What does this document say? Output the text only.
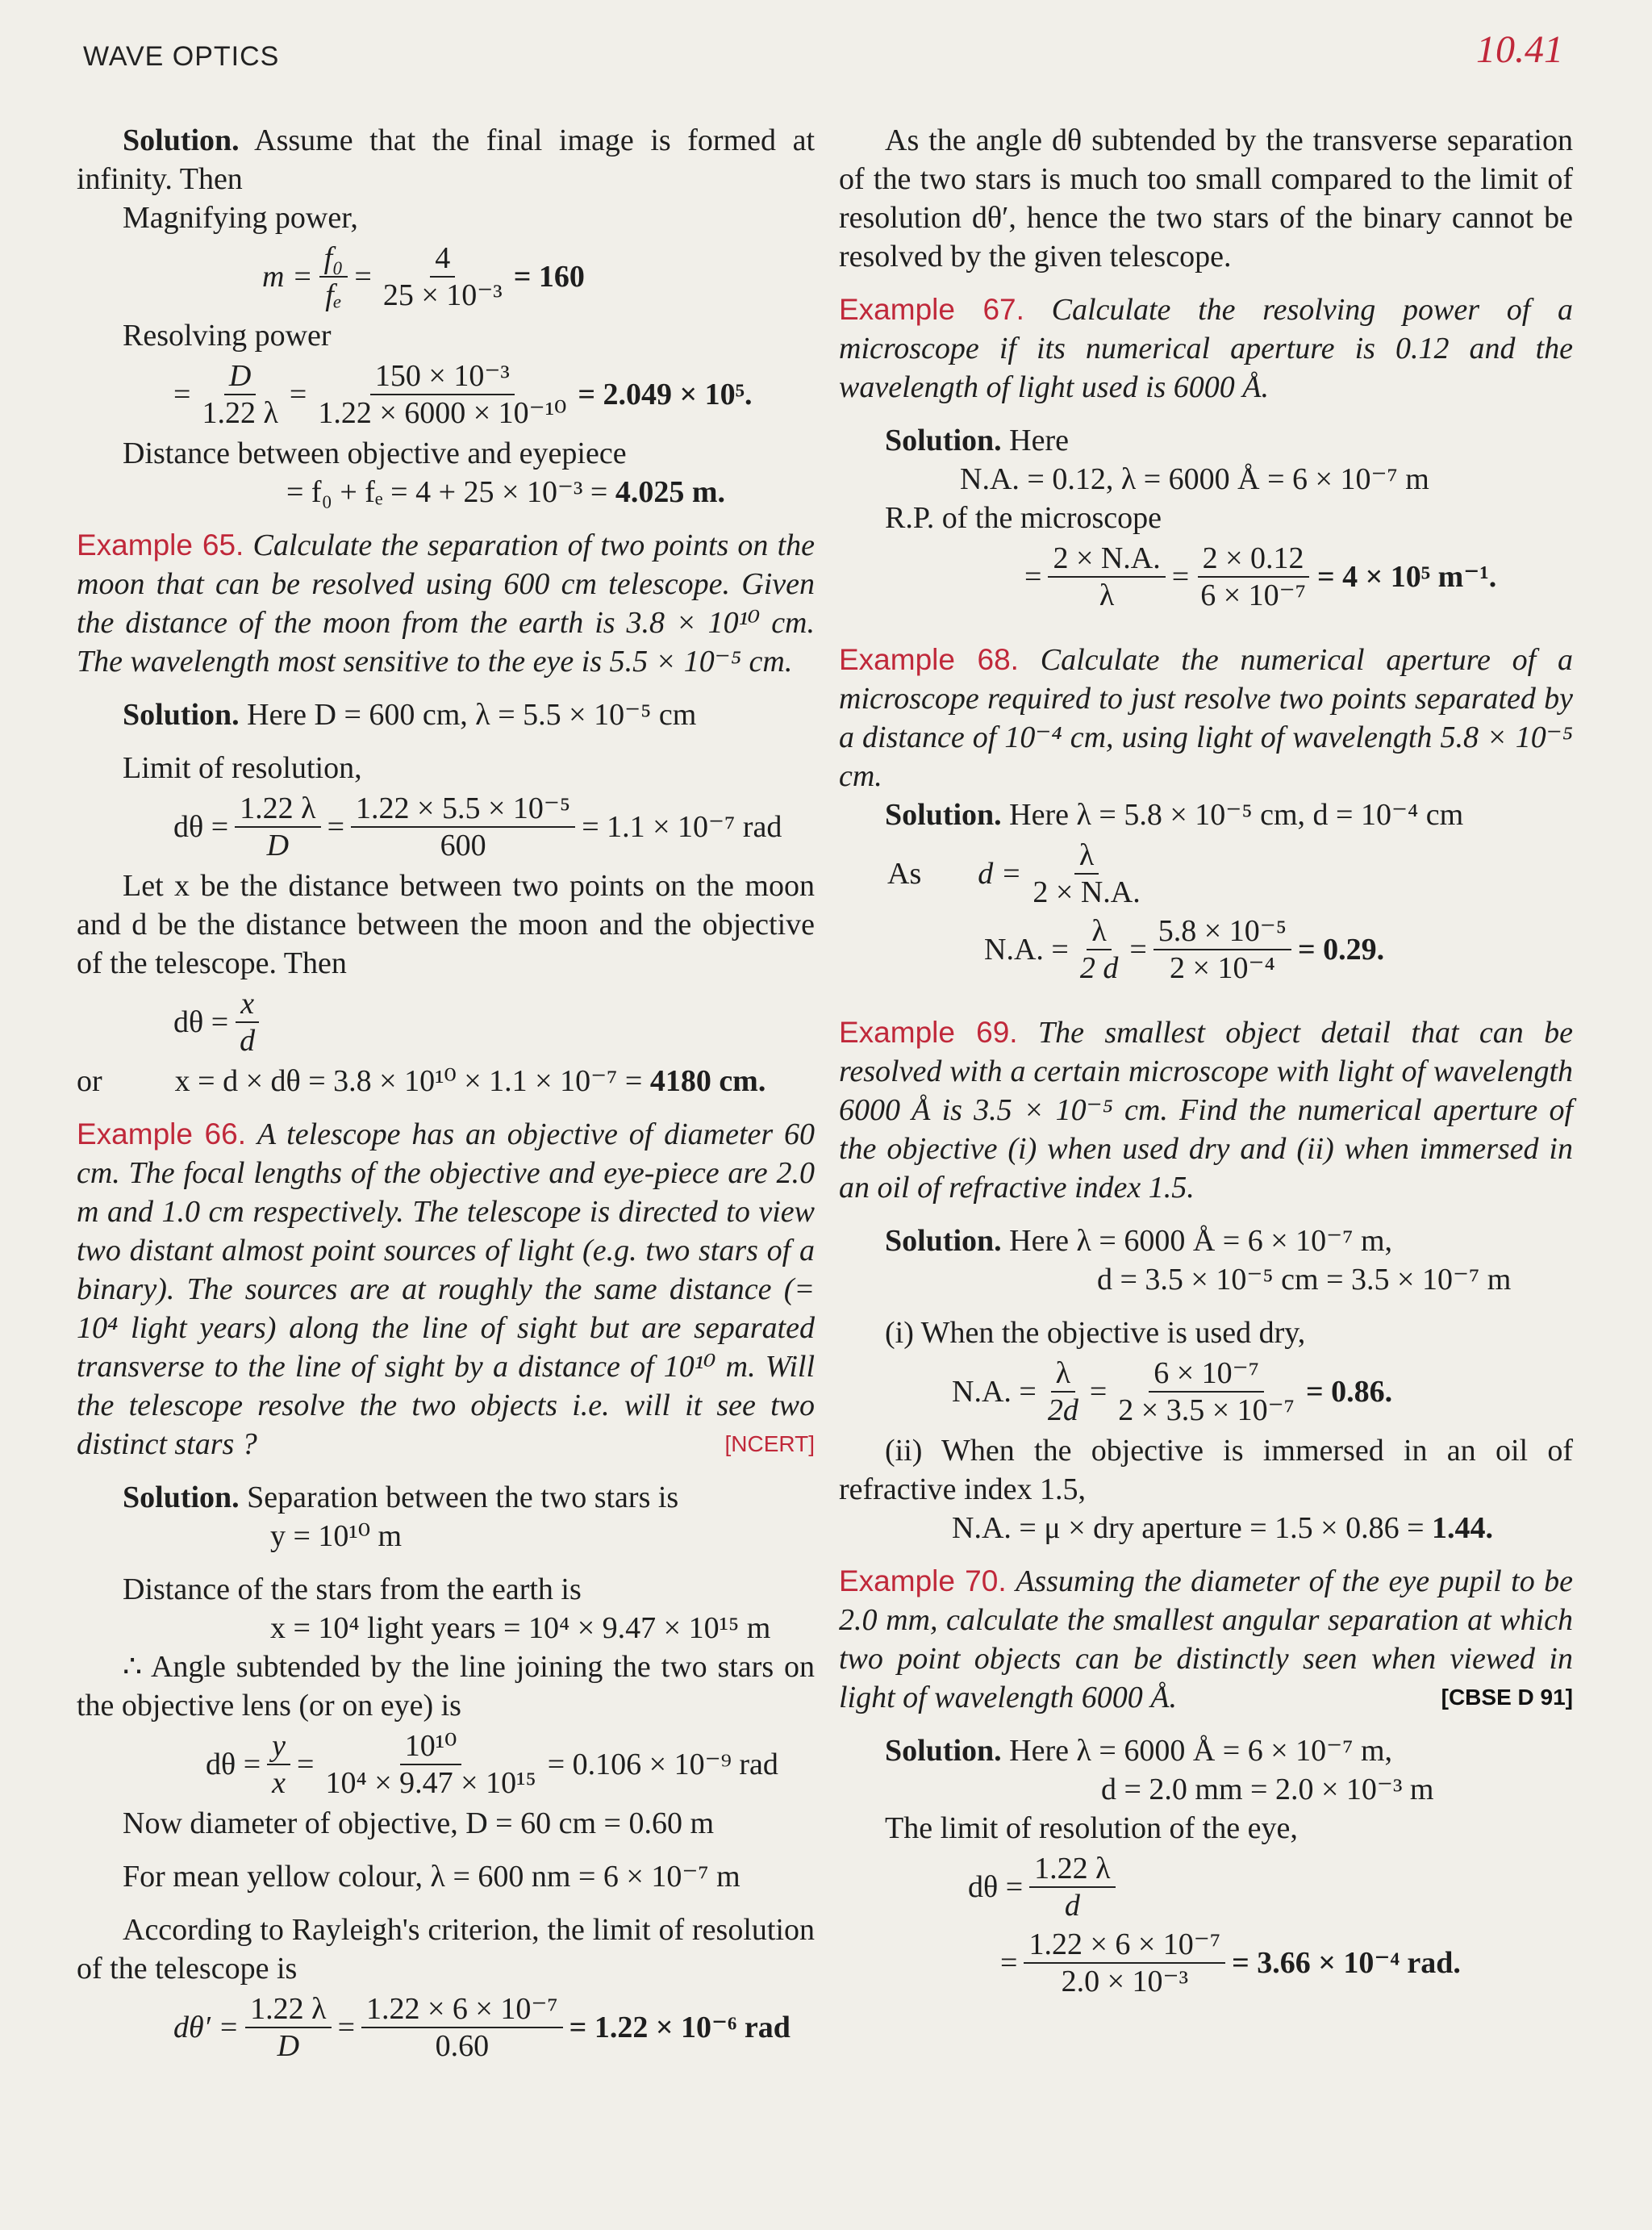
WAVE OPTICS	10.41

Solution. Assume that the final image is formed at infinity. Then

Magnifying power,

$m = \frac{\text{f₀}}{\text{fₑ}} = \frac{4}{\text{25 × 10⁻³}} = 160$

Resolving power

= $\frac{D}{1.22 \lambda} = \frac{\text{150 × 10⁻³}}{\text{1.22 × 6000 × 10⁻¹⁰}} = 2.049 \times 10^5$.

Distance between objective and eyepiece

= f₀ + fₑ = 4 + 25 × 10⁻³ = 4.025 m.

Example 65. Calculate the separation of two points on the moon that can be resolved using 600 cm telescope. Given the distance of the moon from the earth is 3.8 × 10¹⁰ cm. The wavelength most sensitive to the eye is 5.5 × 10⁻⁵ cm.

Solution. Here D = 600 cm, λ = 5.5 × 10⁻⁵ cm

Limit of resolution,

$d\theta = \frac{1.22 \lambda}{D} = \frac{\text{1.22 × 5.5 × 10⁻⁵}}{600} = 1.1 \times 10^{-7}$ rad

Let x be the distance between two points on the moon and d be the distance between the moon and the objective of the telescope. Then

$d\theta = \frac{x}{d}$

or x = d × dθ = 3.8 × 10¹⁰ × 1.1 × 10⁻⁷ = 4180 cm.

Example 66. A telescope has an objective of diameter 60 cm. The focal lengths of the objective and eye-piece are 2.0 m and 1.0 cm respectively. The telescope is directed to view two distant almost point sources of light (e.g. two stars of a binary). The sources are at roughly the same distance (= 10⁴ light years) along the line of sight but are separated transverse to the line of sight by a distance of 10¹⁰ m. Will the telescope resolve the two objects i.e. will it see two distinct stars ?	[NCERT]

Solution. Separation between the two stars is

y = 10¹⁰ m

Distance of the stars from the earth is

x = 10⁴ light years = 10⁴ × 9.47 × 10¹⁵ m

∴ Angle subtended by the line joining the two stars on the objective lens (or on eye) is

$d\theta = \frac{y}{x} = \frac{\text{10¹⁰}}{\text{10⁴ × 9.47 × 10¹⁵}} = 0.106 \times 10^{-9}$ rad

Now diameter of objective, D = 60 cm = 0.60 m

For mean yellow colour, λ = 600 nm = 6 × 10⁻⁷ m

According to Rayleigh's criterion, the limit of resolution of the telescope is

$d\theta' = \frac{1.22 \lambda}{D} = \frac{\text{1.22 × 6 × 10⁻⁷}}{0.60} = 1.22 \times 10^{-6}$ rad

As the angle dθ subtended by the transverse separation of the two stars is much too small compared to the limit of resolution dθ′, hence the two stars of the binary cannot be resolved by the given telescope.

Example 67. Calculate the resolving power of a microscope if its numerical aperture is 0.12 and the wavelength of light used is 6000 Å.

Solution. Here

N.A. = 0.12, λ = 6000 Å = 6 × 10⁻⁷ m

R.P. of the microscope

= $\frac{2 \times N.A.}{\lambda} = \frac{2 \times 0.12}{\text{6 × 10⁻⁷}} = 4 \times 10^5$ m⁻¹.

Example 68. Calculate the numerical aperture of a microscope required to just resolve two points separated by a distance of 10⁻⁴ cm, using light of wavelength 5.8 × 10⁻⁵ cm.

Solution. Here λ = 5.8 × 10⁻⁵ cm, d = 10⁻⁴ cm

As $d = \frac{\lambda}{2 \times N.A.}$
N.A. = $\frac{\lambda}{2 d} = \frac{\text{5.8 × 10⁻⁵}}{\text{2 × 10⁻⁴}} = 0.29$.

Example 69. The smallest object detail that can be resolved with a certain microscope with light of wavelength 6000 Å is 3.5 × 10⁻⁵ cm. Find the numerical aperture of the objective (i) when used dry and (ii) when immersed in an oil of refractive index 1.5.

Solution. Here λ = 6000 Å = 6 × 10⁻⁷ m,

d = 3.5 × 10⁻⁵ cm = 3.5 × 10⁻⁷ m

(i) When the objective is used dry,

N.A. = $\frac{\lambda}{2d} = \frac{\text{6 × 10⁻⁷}}{\text{2 × 3.5 × 10⁻⁷}} = 0.86$.

(ii) When the objective is immersed in an oil of refractive index 1.5,

N.A. = μ × dry aperture = 1.5 × 0.86 = 1.44.

Example 70. Assuming the diameter of the eye pupil to be 2.0 mm, calculate the smallest angular separation at which two point objects can be distinctly seen when viewed in light of wavelength 6000 Å.	[CBSE D 91]

Solution. Here λ = 6000 Å = 6 × 10⁻⁷ m,

d = 2.0 mm = 2.0 × 10⁻³ m

The limit of resolution of the eye,

$d\theta = \frac{1.22 \lambda}{d}$
= $\frac{\text{1.22 × 6 × 10⁻⁷}}{\text{2.0 × 10⁻³}} = 3.66 \times 10^{-4}$ rad.
